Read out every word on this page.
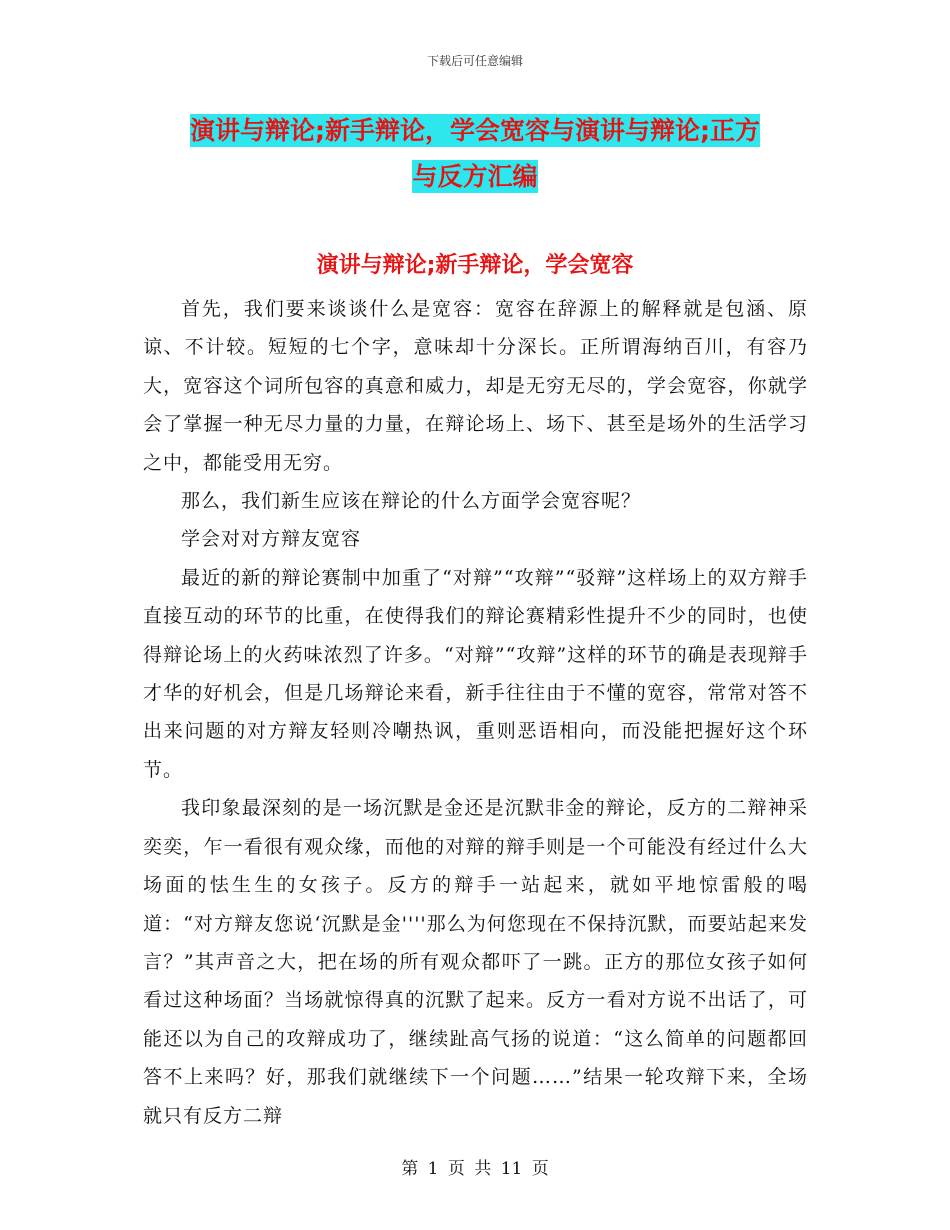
下载后可任意编辑
演讲与辩论;新手辩论，学会宽容与演讲与辩论;正方
与反方汇编
演讲与辩论;新手辩论，学会宽容

首先，我们要来谈谈什么是宽容：宽容在辞源上的解释就是包涵、原谅、不计较。短短的七个字，意味却十分深长。正所谓海纳百川，有容乃大，宽容这个词所包容的真意和威力，却是无穷无尽的，学会宽容，你就学会了掌握一种无尽力量的力量，在辩论场上、场下、甚至是场外的生活学习之中，都能受用无穷。

那么，我们新生应该在辩论的什么方面学会宽容呢？

学会对对方辩友宽容

最近的新的辩论赛制中加重了“对辩”“攻辩”“驳辩”这样场上的双方辩手直接互动的环节的比重，在使得我们的辩论赛精彩性提升不少的同时，也使得辩论场上的火药味浓烈了许多。“对辩”“攻辩”这样的环节的确是表现辩手才华的好机会，但是几场辩论来看，新手往往由于不懂的宽容，常常对答不出来问题的对方辩友轻则冷嘲热讽，重则恶语相向，而没能把握好这个环节。

我印象最深刻的是一场沉默是金还是沉默非金的辩论，反方的二辩神采奕奕，乍一看很有观众缘，而他的对辩的辩手则是一个可能没有经过什么大场面的怯生生的女孩子。反方的辩手一站起来，就如平地惊雷般的喝道：“对方辩友您说‘沉默是金''''那么为何您现在不保持沉默，而要站起来发言？”其声音之大，把在场的所有观众都吓了一跳。正方的那位女孩子如何看过这种场面？当场就惊得真的沉默了起来。反方一看对方说不出话了，可能还以为自己的攻辩成功了，继续趾高气扬的说道：“这么简单的问题都回答不上来吗？好，那我们就继续下一个问题……”结果一轮攻辩下来，全场就只有反方二辩

第 1 页 共 11 页
